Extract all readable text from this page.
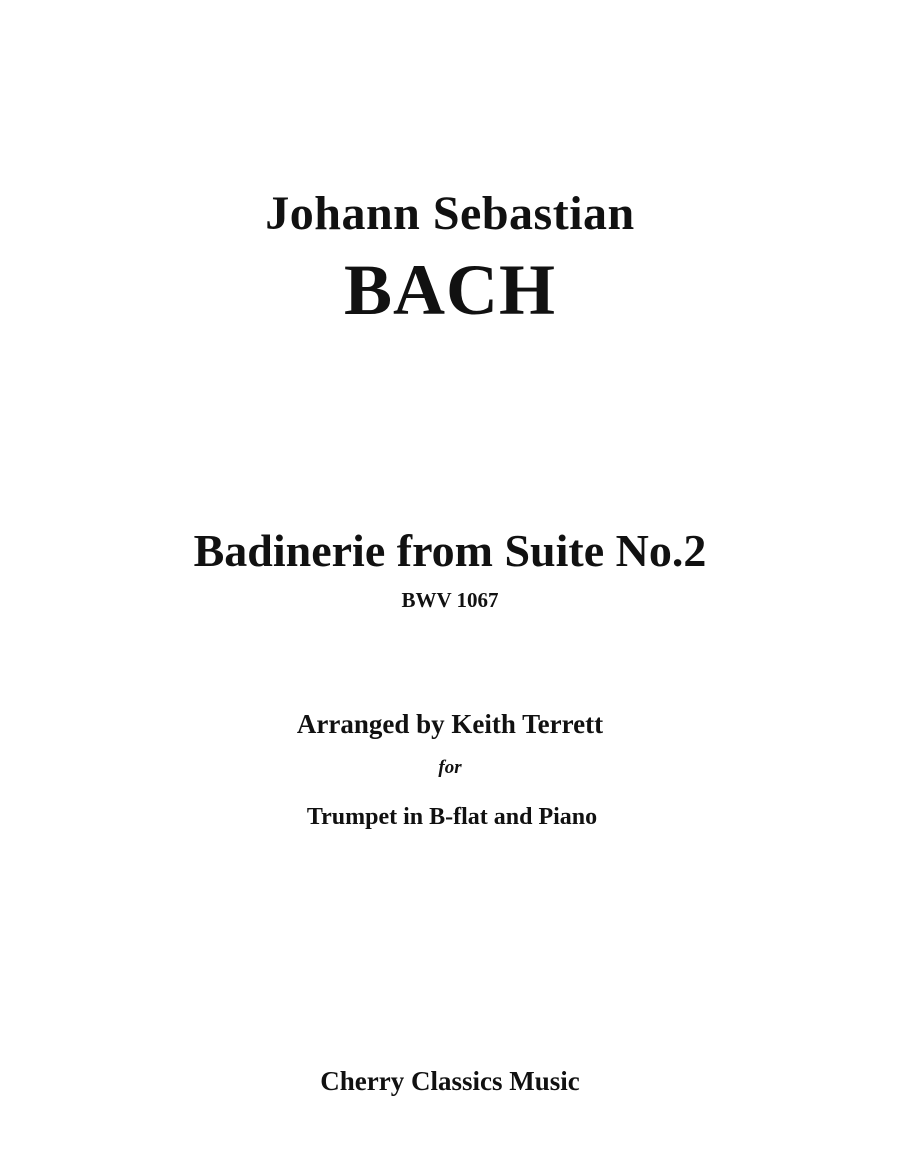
Johann Sebastian
BACH
Badinerie from Suite No.2
BWV 1067
Arranged by Keith Terrett
for
Trumpet in B-flat and Piano
Cherry Classics Music
